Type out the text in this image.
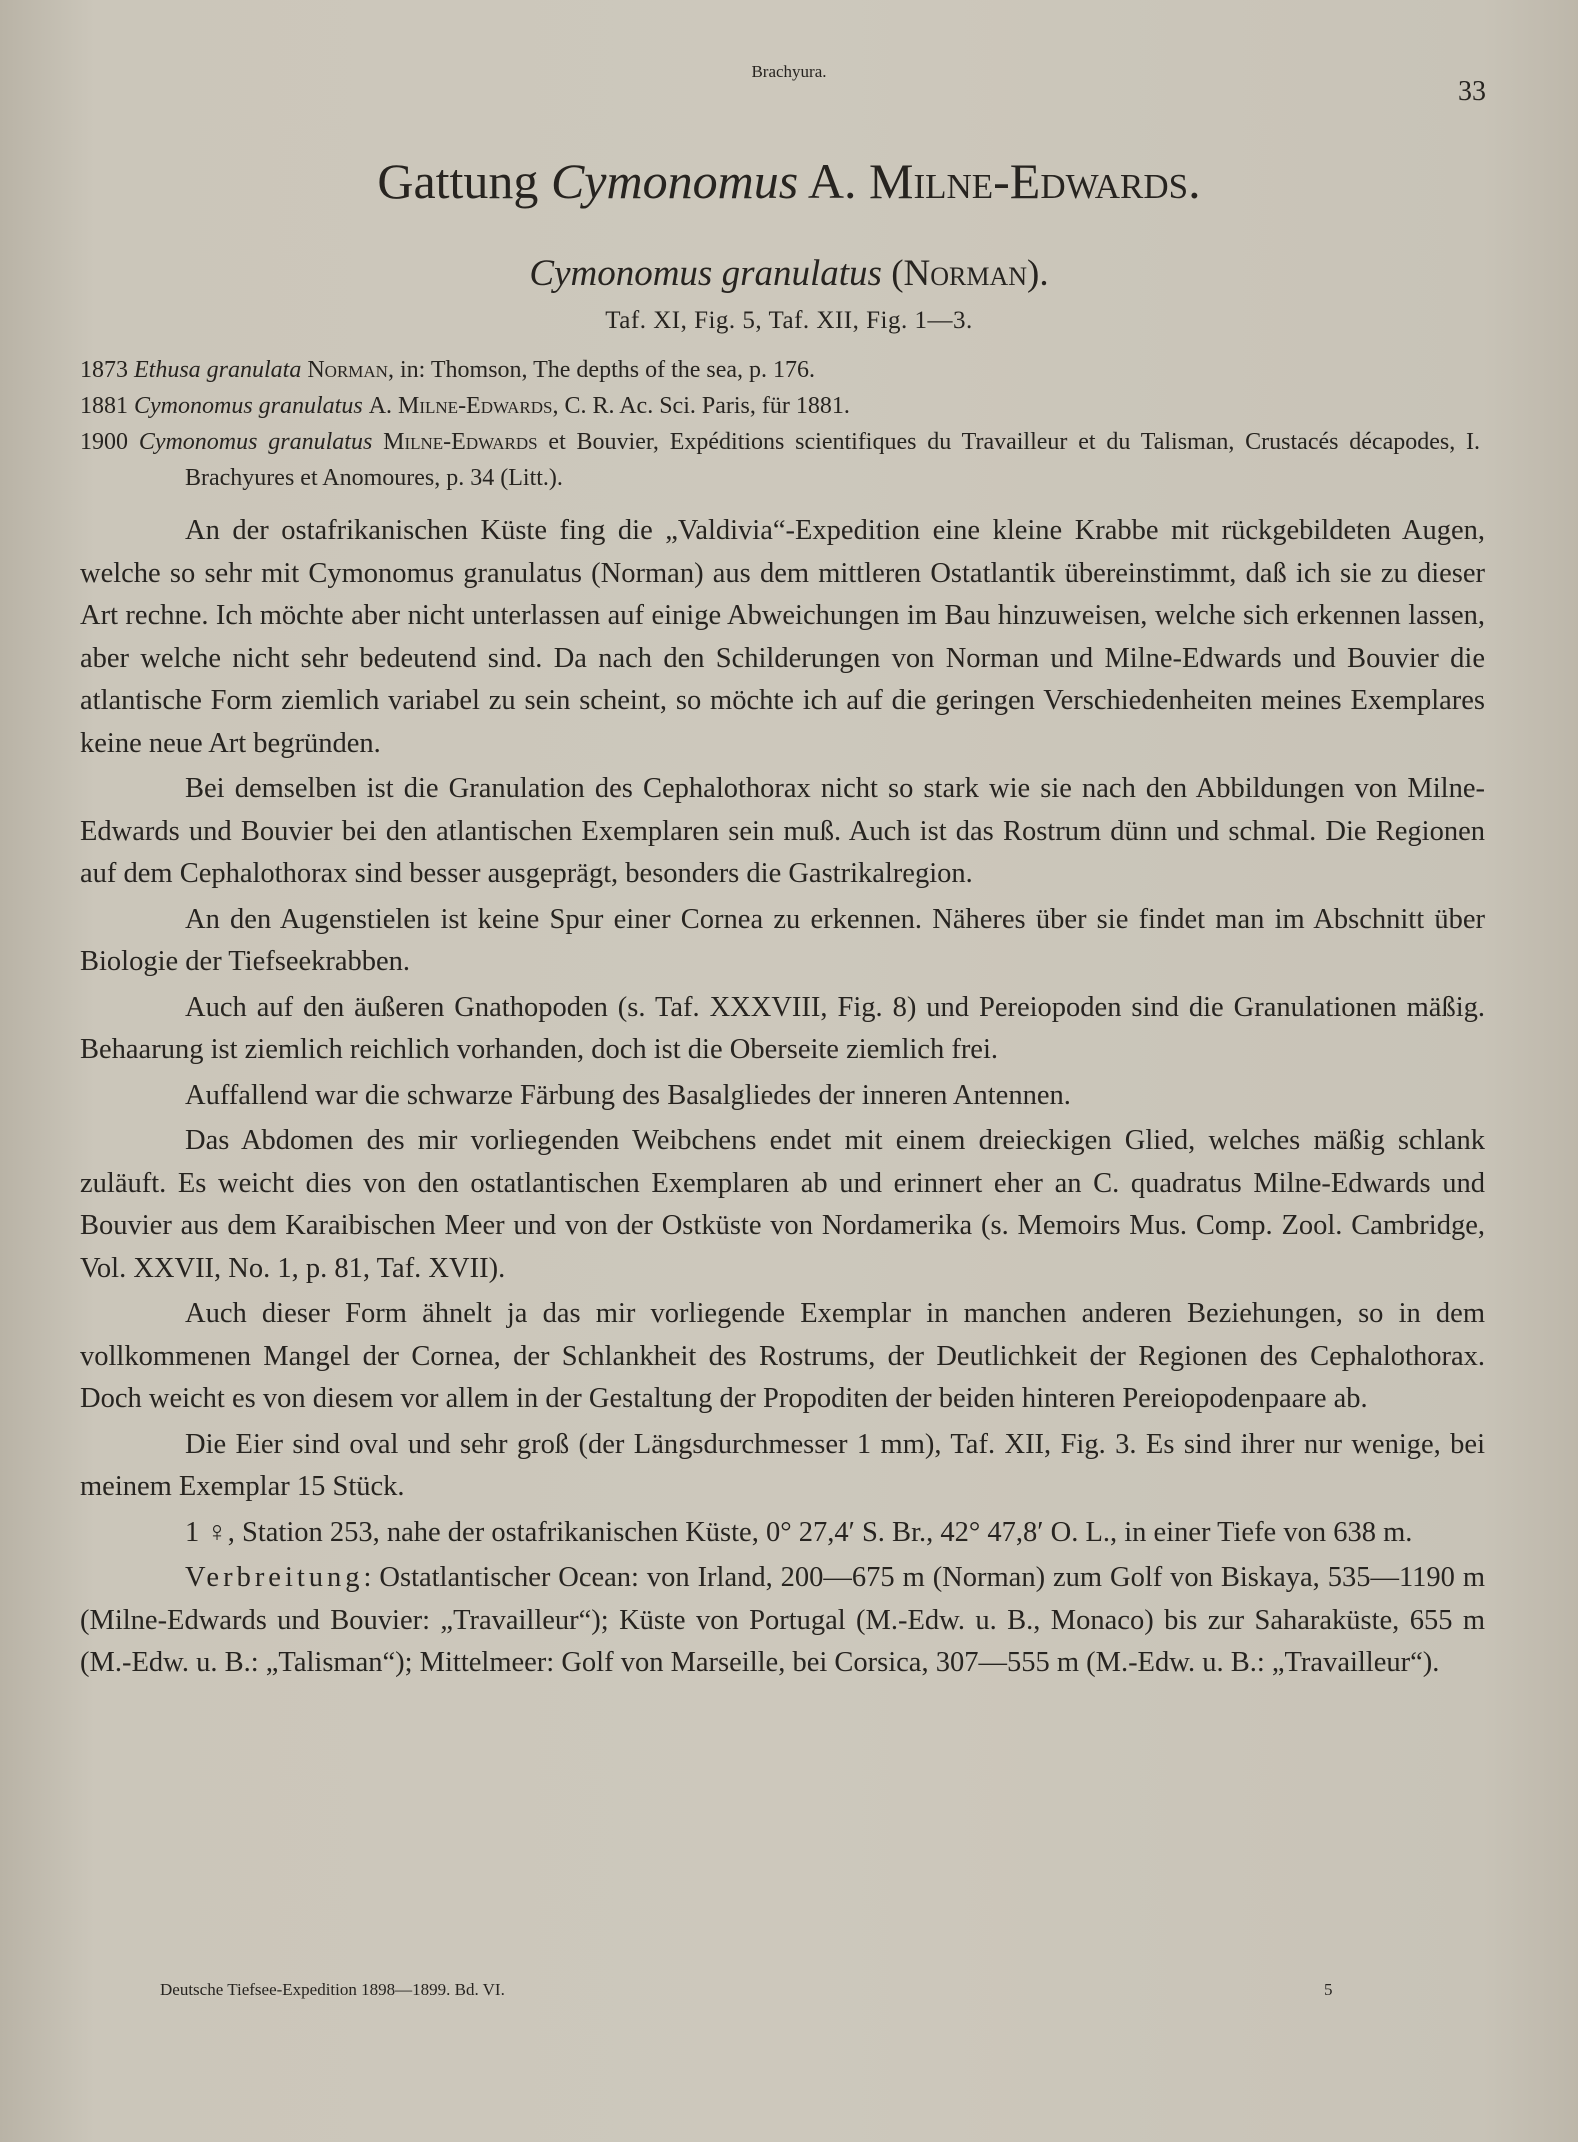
Brachyura.
33
Gattung Cymonomus A. Milne-Edwards.
Cymonomus granulatus (Norman).
Taf. XI, Fig. 5, Taf. XII, Fig. 1—3.
1873 Ethusa granulata Norman, in: Thomson, The depths of the sea, p. 176.
1881 Cymonomus granulatus A. Milne-Edwards, C. R. Ac. Sci. Paris, für 1881.
1900 Cymonomus granulatus Milne-Edwards et Bouvier, Expéditions scientifiques du Travailleur et du Talisman, Crustacés décapodes, I. Brachyures et Anomoures, p. 34 (Litt.).

An der ostafrikanischen Küste fing die „Valdivia“-Expedition eine kleine Krabbe mit rückgebildeten Augen, welche so sehr mit Cymonomus granulatus (Norman) aus dem mittleren Ostatlantik übereinstimmt, daß ich sie zu dieser Art rechne. Ich möchte aber nicht unterlassen auf einige Abweichungen im Bau hinzuweisen, welche sich erkennen lassen, aber welche nicht sehr bedeutend sind. Da nach den Schilderungen von Norman und Milne-Edwards und Bouvier die atlantische Form ziemlich variabel zu sein scheint, so möchte ich auf die geringen Verschiedenheiten meines Exemplares keine neue Art begründen.

Bei demselben ist die Granulation des Cephalothorax nicht so stark wie sie nach den Abbildungen von Milne-Edwards und Bouvier bei den atlantischen Exemplaren sein muß. Auch ist das Rostrum dünn und schmal. Die Regionen auf dem Cephalothorax sind besser ausgeprägt, besonders die Gastrikalregion.

An den Augenstielen ist keine Spur einer Cornea zu erkennen. Näheres über sie findet man im Abschnitt über Biologie der Tiefseekrabben.

Auch auf den äußeren Gnathopoden (s. Taf. XXXVIII, Fig. 8) und Pereiopoden sind die Granulationen mäßig. Behaarung ist ziemlich reichlich vorhanden, doch ist die Oberseite ziemlich frei.

Auffallend war die schwarze Färbung des Basalgliedes der inneren Antennen.

Das Abdomen des mir vorliegenden Weibchens endet mit einem dreieckigen Glied, welches mäßig schlank zuläuft. Es weicht dies von den ostatlantischen Exemplaren ab und erinnert eher an C. quadratus Milne-Edwards und Bouvier aus dem Karaibischen Meer und von der Ostküste von Nordamerika (s. Memoirs Mus. Comp. Zool. Cambridge, Vol. XXVII, No. 1, p. 81, Taf. XVII).

Auch dieser Form ähnelt ja das mir vorliegende Exemplar in manchen anderen Beziehungen, so in dem vollkommenen Mangel der Cornea, der Schlankheit des Rostrums, der Deutlichkeit der Regionen des Cephalothorax. Doch weicht es von diesem vor allem in der Gestaltung der Propoditen der beiden hinteren Pereiopodenpaare ab.

Die Eier sind oval und sehr groß (der Längsdurchmesser 1 mm), Taf. XII, Fig. 3. Es sind ihrer nur wenige, bei meinem Exemplar 15 Stück.

1 ♀, Station 253, nahe der ostafrikanischen Küste, 0° 27,4′ S. Br., 42° 47,8′ O. L., in einer Tiefe von 638 m.

Verbreitung: Ostatlantischer Ocean: von Irland, 200—675 m (Norman) zum Golf von Biskaya, 535—1190 m (Milne-Edwards und Bouvier: „Travailleur“); Küste von Portugal (M.-Edw. u. B., Monaco) bis zur Saharaküste, 655 m (M.-Edw. u. B.: „Talisman“); Mittelmeer: Golf von Marseille, bei Corsica, 307—555 m (M.-Edw. u. B.: „Travailleur“).

Deutsche Tiefsee-Expedition 1898—1899. Bd. VI.	5
